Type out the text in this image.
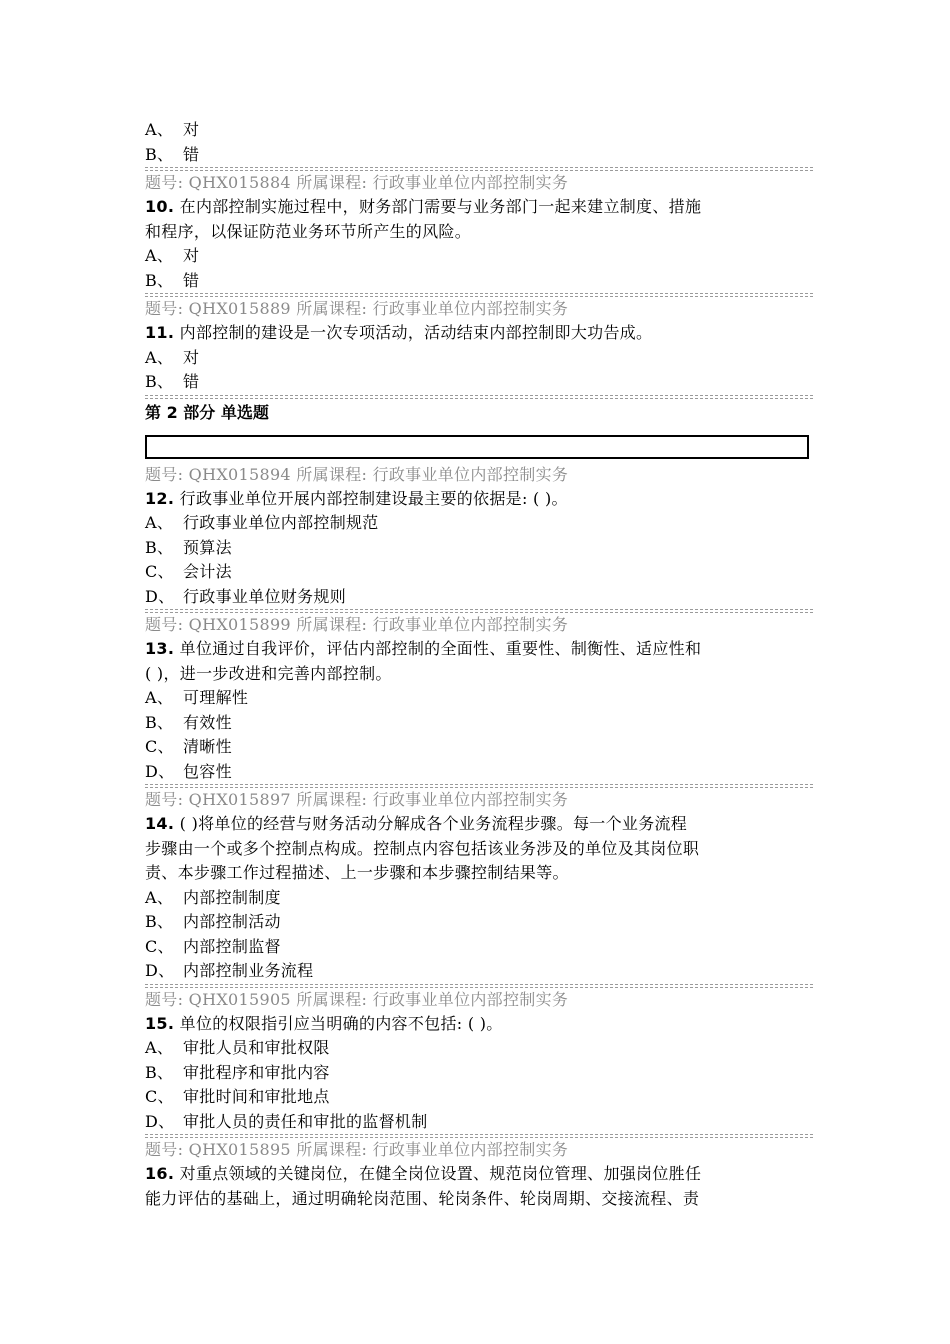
A、 对
B、 错
题号: QHX015884 所属课程: 行政事业单位内部控制实务
10. 在内部控制实施过程中，财务部门需要与业务部门一起来建立制度、措施
和程序，以保证防范业务环节所产生的风险。
A、 对
B、 错
题号: QHX015889 所属课程: 行政事业单位内部控制实务
11. 内部控制的建设是一次专项活动，活动结束内部控制即大功告成。
A、 对
B、 错
第 2 部分 单选题
题号: QHX015894 所属课程: 行政事业单位内部控制实务
12. 行政事业单位开展内部控制建设最主要的依据是: ( )。
A、 行政事业单位内部控制规范
B、 预算法
C、 会计法
D、 行政事业单位财务规则
题号: QHX015899 所属课程: 行政事业单位内部控制实务
13. 单位通过自我评价，评估内部控制的全面性、重要性、制衡性、适应性和
( )，进一步改进和完善内部控制。
A、 可理解性
B、 有效性
C、 清晰性
D、 包容性
题号: QHX015897 所属课程: 行政事业单位内部控制实务
14. ( )将单位的经营与财务活动分解成各个业务流程步骤。每一个业务流程
步骤由一个或多个控制点构成。控制点内容包括该业务涉及的单位及其岗位职
责、本步骤工作过程描述、上一步骤和本步骤控制结果等。
A、 内部控制制度
B、 内部控制活动
C、 内部控制监督
D、 内部控制业务流程
题号: QHX015905 所属课程: 行政事业单位内部控制实务
15. 单位的权限指引应当明确的内容不包括: ( )。
A、 审批人员和审批权限
B、 审批程序和审批内容
C、 审批时间和审批地点
D、 审批人员的责任和审批的监督机制
题号: QHX015895 所属课程: 行政事业单位内部控制实务
16. 对重点领域的关键岗位，在健全岗位设置、规范岗位管理、加强岗位胜任
能力评估的基础上，通过明确轮岗范围、轮岗条件、轮岗周期、交接流程、责
